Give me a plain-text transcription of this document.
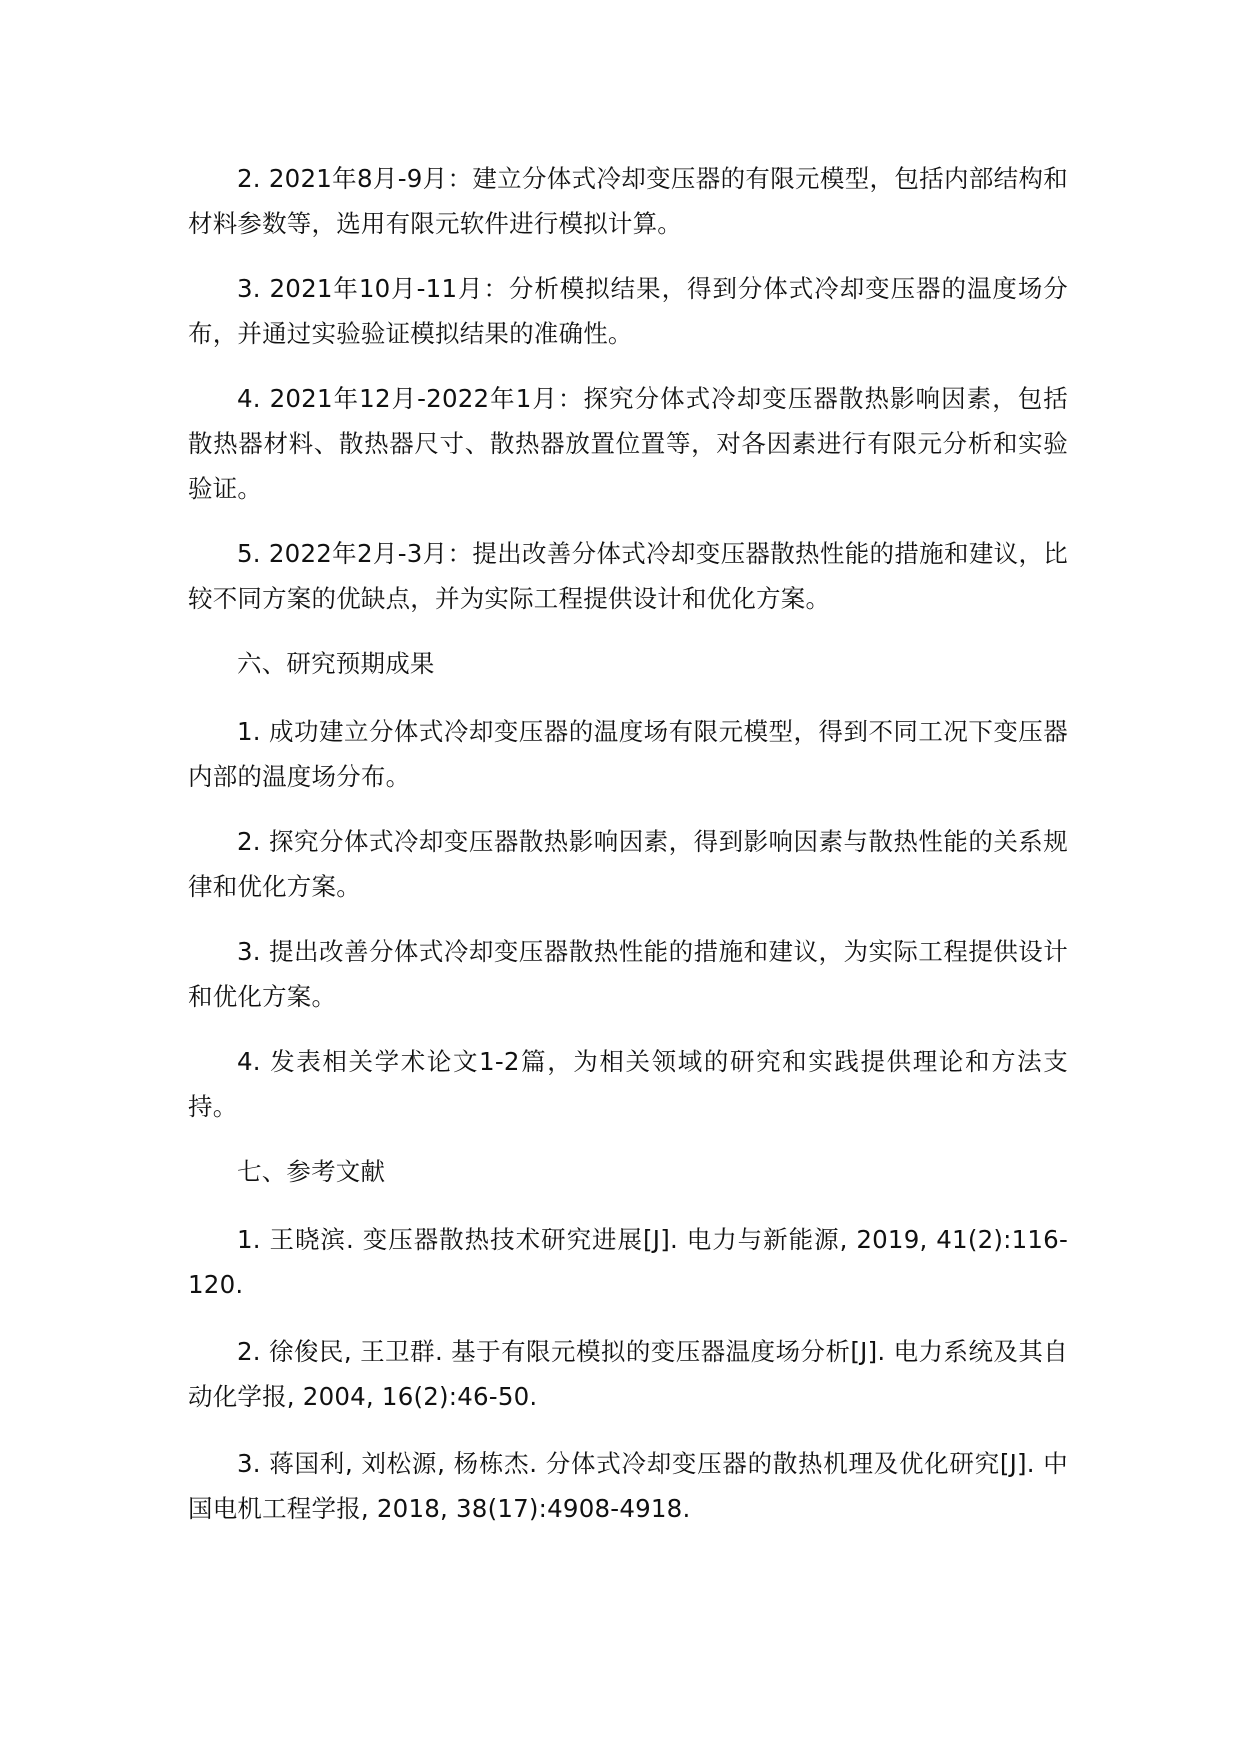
2. 2021年8月-9月：建立分体式冷却变压器的有限元模型，包括内部结构和材料参数等，选用有限元软件进行模拟计算。

3. 2021年10月-11月：分析模拟结果，得到分体式冷却变压器的温度场分布，并通过实验验证模拟结果的准确性。

4. 2021年12月-2022年1月：探究分体式冷却变压器散热影响因素，包括散热器材料、散热器尺寸、散热器放置位置等，对各因素进行有限元分析和实验验证。

5. 2022年2月-3月：提出改善分体式冷却变压器散热性能的措施和建议，比较不同方案的优缺点，并为实际工程提供设计和优化方案。

六、研究预期成果

1. 成功建立分体式冷却变压器的温度场有限元模型，得到不同工况下变压器内部的温度场分布。

2. 探究分体式冷却变压器散热影响因素，得到影响因素与散热性能的关系规律和优化方案。

3. 提出改善分体式冷却变压器散热性能的措施和建议，为实际工程提供设计和优化方案。

4. 发表相关学术论文1-2篇，为相关领域的研究和实践提供理论和方法支持。

七、参考文献

1. 王晓滨. 变压器散热技术研究进展[J]. 电力与新能源, 2019, 41(2):116-120.

2. 徐俊民, 王卫群. 基于有限元模拟的变压器温度场分析[J]. 电力系统及其自动化学报, 2004, 16(2):46-50.

3. 蒋国利, 刘松源, 杨栋杰. 分体式冷却变压器的散热机理及优化研究[J]. 中国电机工程学报, 2018, 38(17):4908-4918.
